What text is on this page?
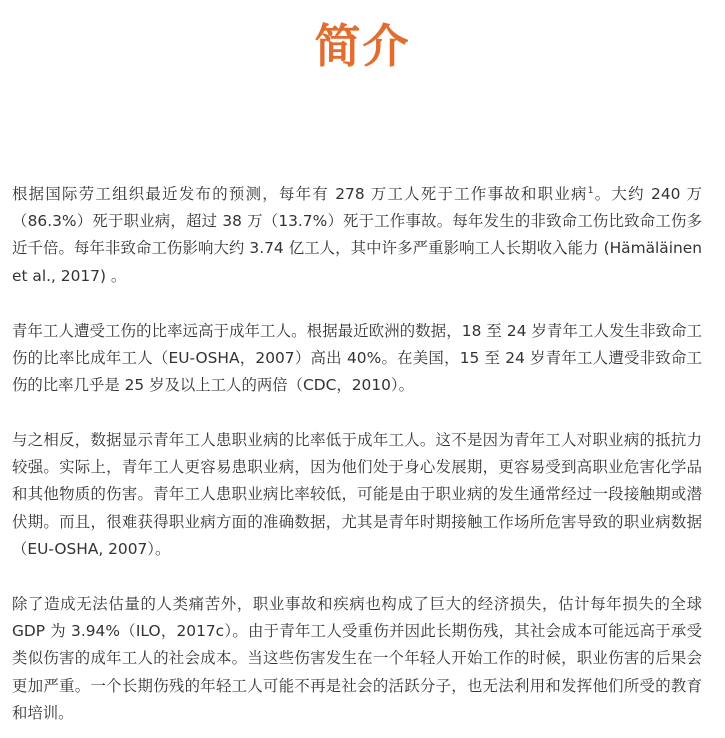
简介

根据国际劳工组织最近发布的预测，每年有 278 万工人死于工作事故和职业病$^1$。大约 240 万（86.3%）死于职业病，超过 38 万（13.7%）死于工作事故。每年发生的非致命工伤比致命工伤多近千倍。每年非致命工伤影响大约 3.74 亿工人，其中许多严重影响工人长期收入能力 (Hämäläinen et al., 2017) 。

青年工人遭受工伤的比率远高于成年工人。根据最近欧洲的数据，18 至 24 岁青年工人发生非致命工伤的比率比成年工人（EU-OSHA，2007）高出 40%。在美国，15 至 24 岁青年工人遭受非致命工伤的比率几乎是 25 岁及以上工人的两倍（CDC，2010）。

与之相反，数据显示青年工人患职业病的比率低于成年工人。这不是因为青年工人对职业病的抵抗力较强。实际上，青年工人更容易患职业病，因为他们处于身心发展期，更容易受到高职业危害化学品和其他物质的伤害。青年工人患职业病比率较低，可能是由于职业病的发生通常经过一段接触期或潜伏期。而且，很难获得职业病方面的准确数据，尤其是青年时期接触工作场所危害导致的职业病数据（EU-OSHA, 2007）。

除了造成无法估量的人类痛苦外，职业事故和疾病也构成了巨大的经济损失，估计每年损失的全球 GDP 为 3.94%（ILO，2017c）。由于青年工人受重伤并因此长期伤残，其社会成本可能远高于承受类似伤害的成年工人的社会成本。当这些伤害发生在一个年轻人开始工作的时候，职业伤害的后果会更加严重。一个长期伤残的年轻工人可能不再是社会的活跃分子，也无法利用和发挥他们所受的教育和培训。
